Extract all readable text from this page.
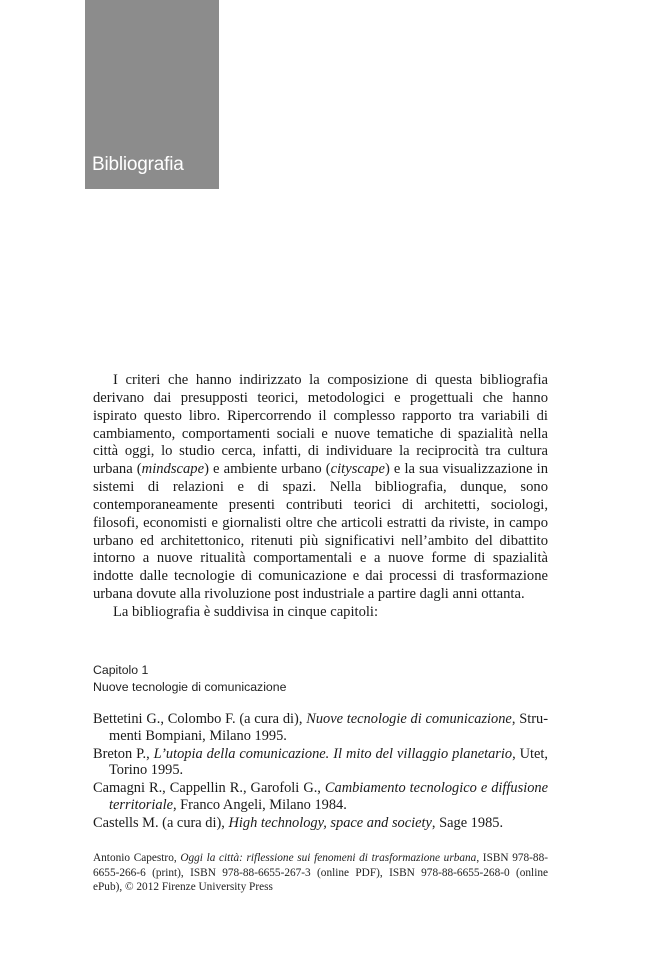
Bibliografia

I criteri che hanno indirizzato la composizione di questa bibliografia derivano dai presupposti teorici, metodologici e progettuali che hanno ispirato questo libro. Ripercorrendo il complesso rapporto tra variabili di cambiamento, comportamenti sociali e nuove tematiche di spazialità nella città oggi, lo studio cerca, infatti, di individuare la reciprocità tra cultura urbana (mindscape) e ambiente urbano (cityscape) e la sua visualizzazione in sistemi di relazioni e di spazi. Nella bibliografia, dunque, sono contemporaneamente presenti contributi teorici di architetti, sociologi, filosofi, economisti e giornalisti oltre che articoli estratti da riviste, in campo urbano ed architettonico, ritenuti più significativi nell’ambito del dibattito intorno a nuove ritualità comportamentali e a nuove forme di spazialità indotte dalle tecnologie di comunicazione e dai processi di trasformazione urbana dovute alla rivoluzione post industriale a partire dagli anni ottanta.

La bibliografia è suddivisa in cinque capitoli:

Capitolo 1
Nuove tecnologie di comunicazione

Bettetini G., Colombo F. (a cura di), Nuove tecnologie di comunicazione, Strumenti Bompiani, Milano 1995.

Breton P., L’utopia della comunicazione. Il mito del villaggio planetario, Utet, Torino 1995.

Camagni R., Cappellin R., Garofoli G., Cambiamento tecnologico e diffusione territoriale, Franco Angeli, Milano 1984.

Castells M. (a cura di), High technology, space and society, Sage 1985.

Antonio Capestro, Oggi la città: riflessione sui fenomeni di trasformazione urbana, ISBN 978-88-6655-266-6 (print), ISBN 978-88-6655-267-3 (online PDF), ISBN 978-88-6655-268-0 (online ePub), © 2012 Firenze University Press
